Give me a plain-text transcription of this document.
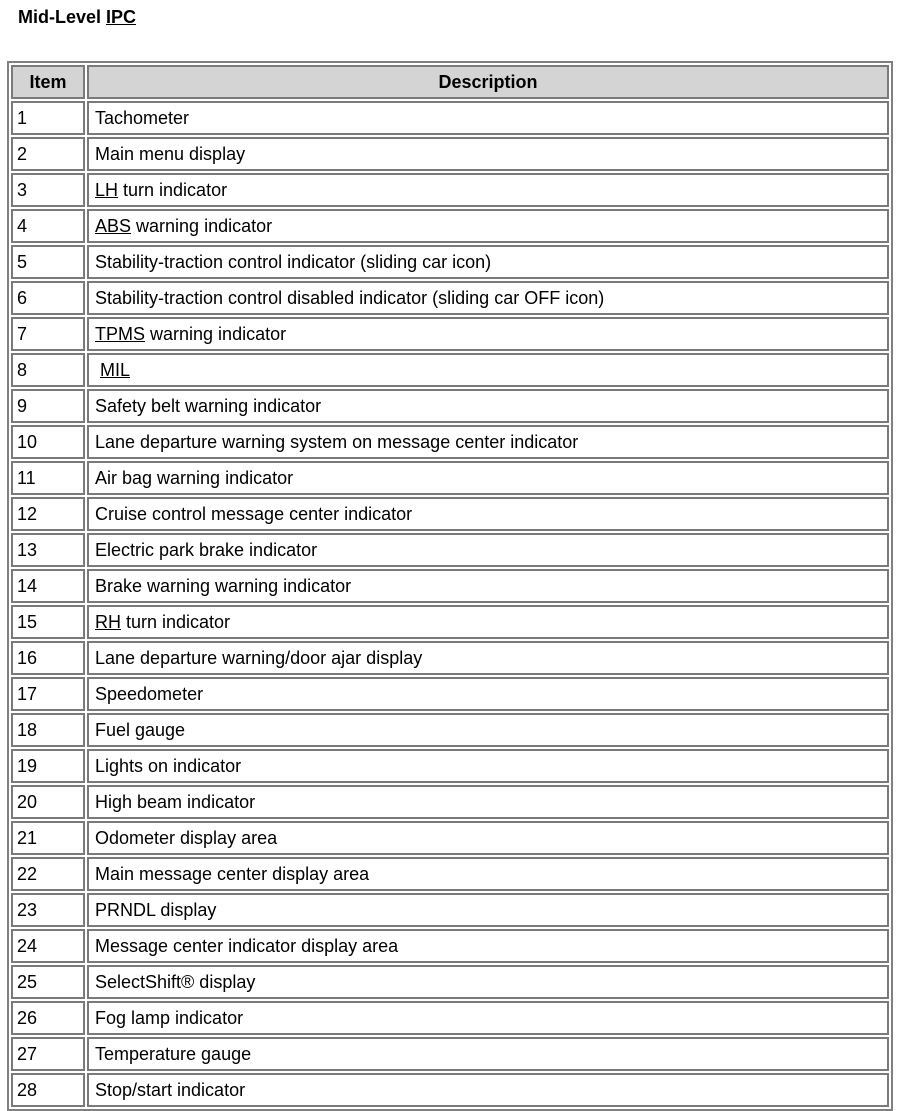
Mid-Level IPC
Item	Description
1	Tachometer
2	Main menu display
3	LH turn indicator
4	ABS warning indicator
5	Stability-traction control indicator (sliding car icon)
6	Stability-traction control disabled indicator (sliding car OFF icon)
7	TPMS warning indicator
8	MIL
9	Safety belt warning indicator
10	Lane departure warning system on message center indicator
11	Air bag warning indicator
12	Cruise control message center indicator
13	Electric park brake indicator
14	Brake warning warning indicator
15	RH turn indicator
16	Lane departure warning/door ajar display
17	Speedometer
18	Fuel gauge
19	Lights on indicator
20	High beam indicator
21	Odometer display area
22	Main message center display area
23	PRNDL display
24	Message center indicator display area
25	SelectShift® display
26	Fog lamp indicator
27	Temperature gauge
28	Stop/start indicator
